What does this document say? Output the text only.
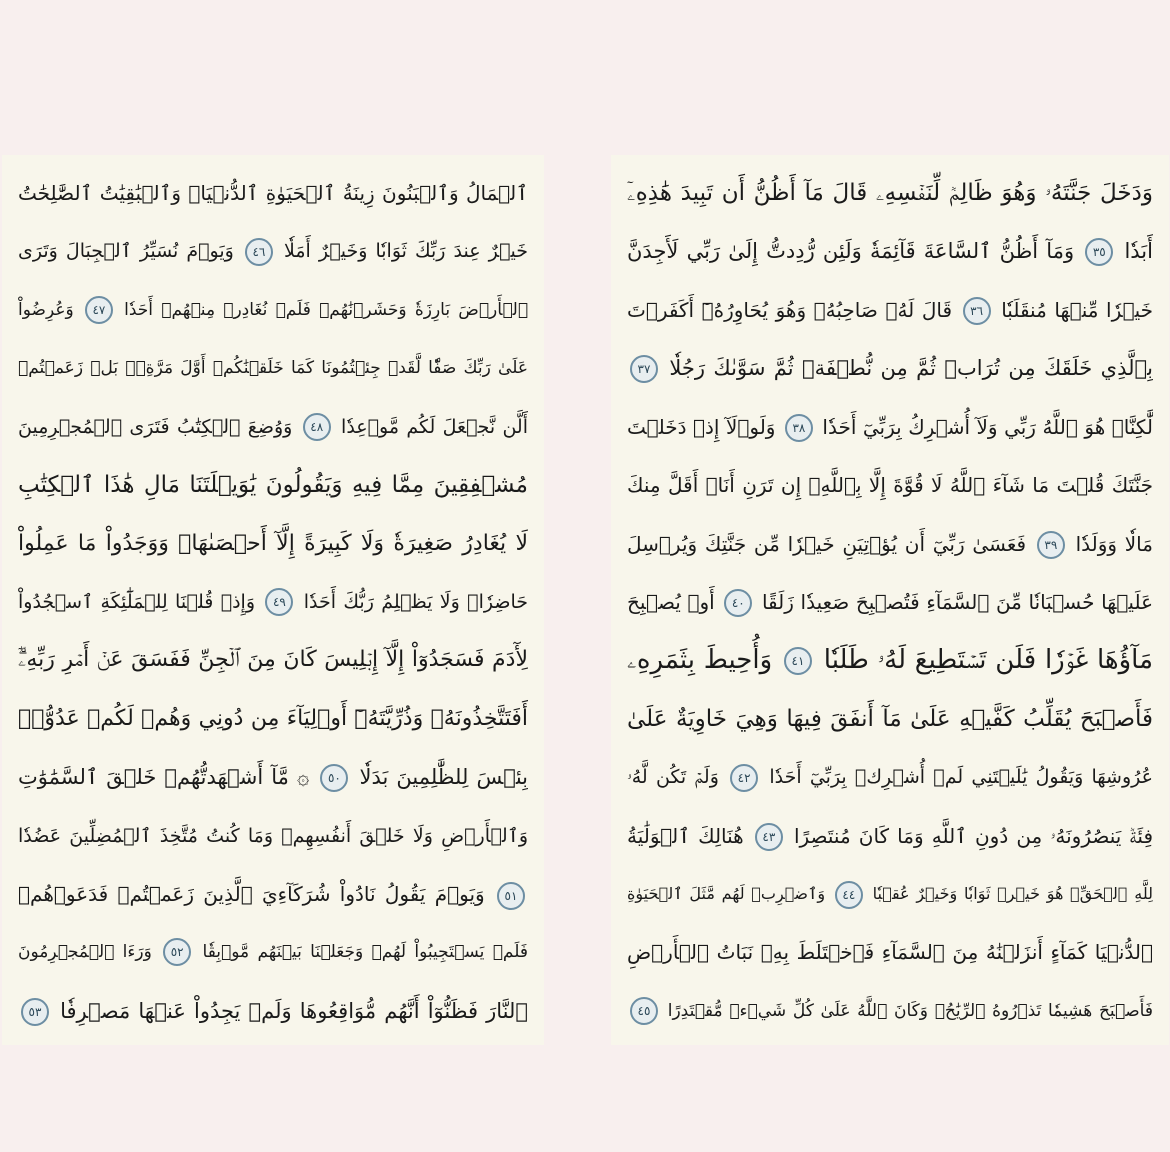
ٱلۡمَالُ وَٱلۡبَنُونَ زِينَةُ ٱلۡحَيَوٰةِ ٱلدُّنۡيَاۖ وَٱلۡبَٰقِيَٰتُ ٱلصَّٰلِحَٰتُ
خَيۡرٌ عِندَ رَبِّكَ ثَوَابٗا وَخَيۡرٌ أَمَلٗا ٤٦ وَيَوۡمَ نُسَيِّرُ ٱلۡجِبَالَ وَتَرَى
ٱلۡأَرۡضَ بَارِزَةٗ وَحَشَرۡنَٰهُمۡ فَلَمۡ نُغَادِرۡ مِنۡهُمۡ أَحَدٗا ٤٧ وَعُرِضُواْ
عَلَىٰ رَبِّكَ صَفّٗا لَّقَدۡ جِئۡتُمُونَا كَمَا خَلَقۡنَٰكُمۡ أَوَّلَ مَرَّةِۭۚ بَلۡ زَعَمۡتُمۡ
أَلَّن نَّجۡعَلَ لَكُم مَّوۡعِدٗا ٤٨ وَوُضِعَ ٱلۡكِتَٰبُ فَتَرَى ٱلۡمُجۡرِمِينَ
مُشۡفِقِينَ مِمَّا فِيهِ وَيَقُولُونَ يَٰوَيۡلَتَنَا مَالِ هَٰذَا ٱلۡكِتَٰبِ
لَا يُغَادِرُ صَغِيرَةٗ وَلَا كَبِيرَةً إِلَّآ أَحۡصَىٰهَاۚ وَوَجَدُواْ مَا عَمِلُواْ
حَاضِرٗاۗ وَلَا يَظۡلِمُ رَبُّكَ أَحَدٗا ٤٩ وَإِذۡ قُلۡنَا لِلۡمَلَٰٓئِكَةِ ٱسۡجُدُواْ
لِأٓدَمَ فَسَجَدُوٓاْ إِلَّآ إِبۡلِيسَ كَانَ مِنَ ٱلۡجِنِّ فَفَسَقَ عَنۡ أَمۡرِ رَبِّهِۦٓۗ
أَفَتَتَّخِذُونَهُۥ وَذُرِّيَّتَهُۥٓ أَوۡلِيَآءَ مِن دُونِي وَهُمۡ لَكُمۡ عَدُوُّۢۚ
بِئۡسَ لِلظَّٰلِمِينَ بَدَلٗا ٥٠ ۞ مَّآ أَشۡهَدتُّهُمۡ خَلۡقَ ٱلسَّمَٰوَٰتِ
وَٱلۡأَرۡضِ وَلَا خَلۡقَ أَنفُسِهِمۡ وَمَا كُنتُ مُتَّخِذَ ٱلۡمُضِلِّينَ عَضُدٗا
٥١ وَيَوۡمَ يَقُولُ نَادُواْ شُرَكَآءِيَ ٱلَّذِينَ زَعَمۡتُمۡ فَدَعَوۡهُمۡ
فَلَمۡ يَسۡتَجِيبُواْ لَهُمۡ وَجَعَلۡنَا بَيۡنَهُم مَّوۡبِقٗا ٥٢ وَرَءَا ٱلۡمُجۡرِمُونَ
ٱلنَّارَ فَظَنُّوٓاْ أَنَّهُم مُّوَاقِعُوهَا وَلَمۡ يَجِدُواْ عَنۡهَا مَصۡرِفٗا ٥٣
وَدَخَلَ جَنَّتَهُۥ وَهُوَ ظَالِمٞ لِّنَفۡسِهِۦ قَالَ مَآ أَظُنُّ أَن تَبِيدَ هَٰذِهِۦٓ
أَبَدٗا ٣٥ وَمَآ أَظُنُّ ٱلسَّاعَةَ قَآئِمَةٗ وَلَئِن رُّدِدتُّ إِلَىٰ رَبِّي لَأَجِدَنَّ
خَيۡرٗا مِّنۡهَا مُنقَلَبٗا ٣٦ قَالَ لَهُۥ صَاحِبُهُۥ وَهُوَ يُحَاوِرُهُۥٓ أَكَفَرۡتَ
بِٱلَّذِي خَلَقَكَ مِن تُرَابٖ ثُمَّ مِن نُّطۡفَةٖ ثُمَّ سَوَّىٰكَ رَجُلٗا ٣٧
لَّٰكِنَّا۠ هُوَ ٱللَّهُ رَبِّي وَلَآ أُشۡرِكُ بِرَبِّيٓ أَحَدٗا ٣٨ وَلَوۡلَآ إِذۡ دَخَلۡتَ
جَنَّتَكَ قُلۡتَ مَا شَآءَ ٱللَّهُ لَا قُوَّةَ إِلَّا بِٱللَّهِۚ إِن تَرَنِ أَنَا۠ أَقَلَّ مِنكَ
مَالٗا وَوَلَدٗا ٣٩ فَعَسَىٰ رَبِّيٓ أَن يُؤۡتِيَنِ خَيۡرٗا مِّن جَنَّتِكَ وَيُرۡسِلَ
عَلَيۡهَا حُسۡبَانٗا مِّنَ ٱلسَّمَآءِ فَتُصۡبِحَ صَعِيدٗا زَلَقًا ٤٠ أَوۡ يُصۡبِحَ
مَآؤُهَا غَوۡرٗا فَلَن تَسۡتَطِيعَ لَهُۥ طَلَبٗا ٤١ وَأُحِيطَ بِثَمَرِهِۦ
فَأَصۡبَحَ يُقَلِّبُ كَفَّيۡهِ عَلَىٰ مَآ أَنفَقَ فِيهَا وَهِيَ خَاوِيَةٌ عَلَىٰ
عُرُوشِهَا وَيَقُولُ يَٰلَيۡتَنِي لَمۡ أُشۡرِكۡ بِرَبِّيٓ أَحَدٗا ٤٢ وَلَمۡ تَكُن لَّهُۥ
فِئَةٞ يَنصُرُونَهُۥ مِن دُونِ ٱللَّهِ وَمَا كَانَ مُنتَصِرًا ٤٣ هُنَالِكَ ٱلۡوَلَٰيَةُ
لِلَّهِ ٱلۡحَقِّۚ هُوَ خَيۡرٞ ثَوَابٗا وَخَيۡرٌ عُقۡبٗا ٤٤ وَٱضۡرِبۡ لَهُم مَّثَلَ ٱلۡحَيَوٰةِ
ٱلدُّنۡيَا كَمَآءٍ أَنزَلۡنَٰهُ مِنَ ٱلسَّمَآءِ فَٱخۡتَلَطَ بِهِۦ نَبَاتُ ٱلۡأَرۡضِ
فَأَصۡبَحَ هَشِيمٗا تَذۡرُوهُ ٱلرِّيَٰحُۗ وَكَانَ ٱللَّهُ عَلَىٰ كُلِّ شَيۡءٖ مُّقۡتَدِرًا ٤٥
